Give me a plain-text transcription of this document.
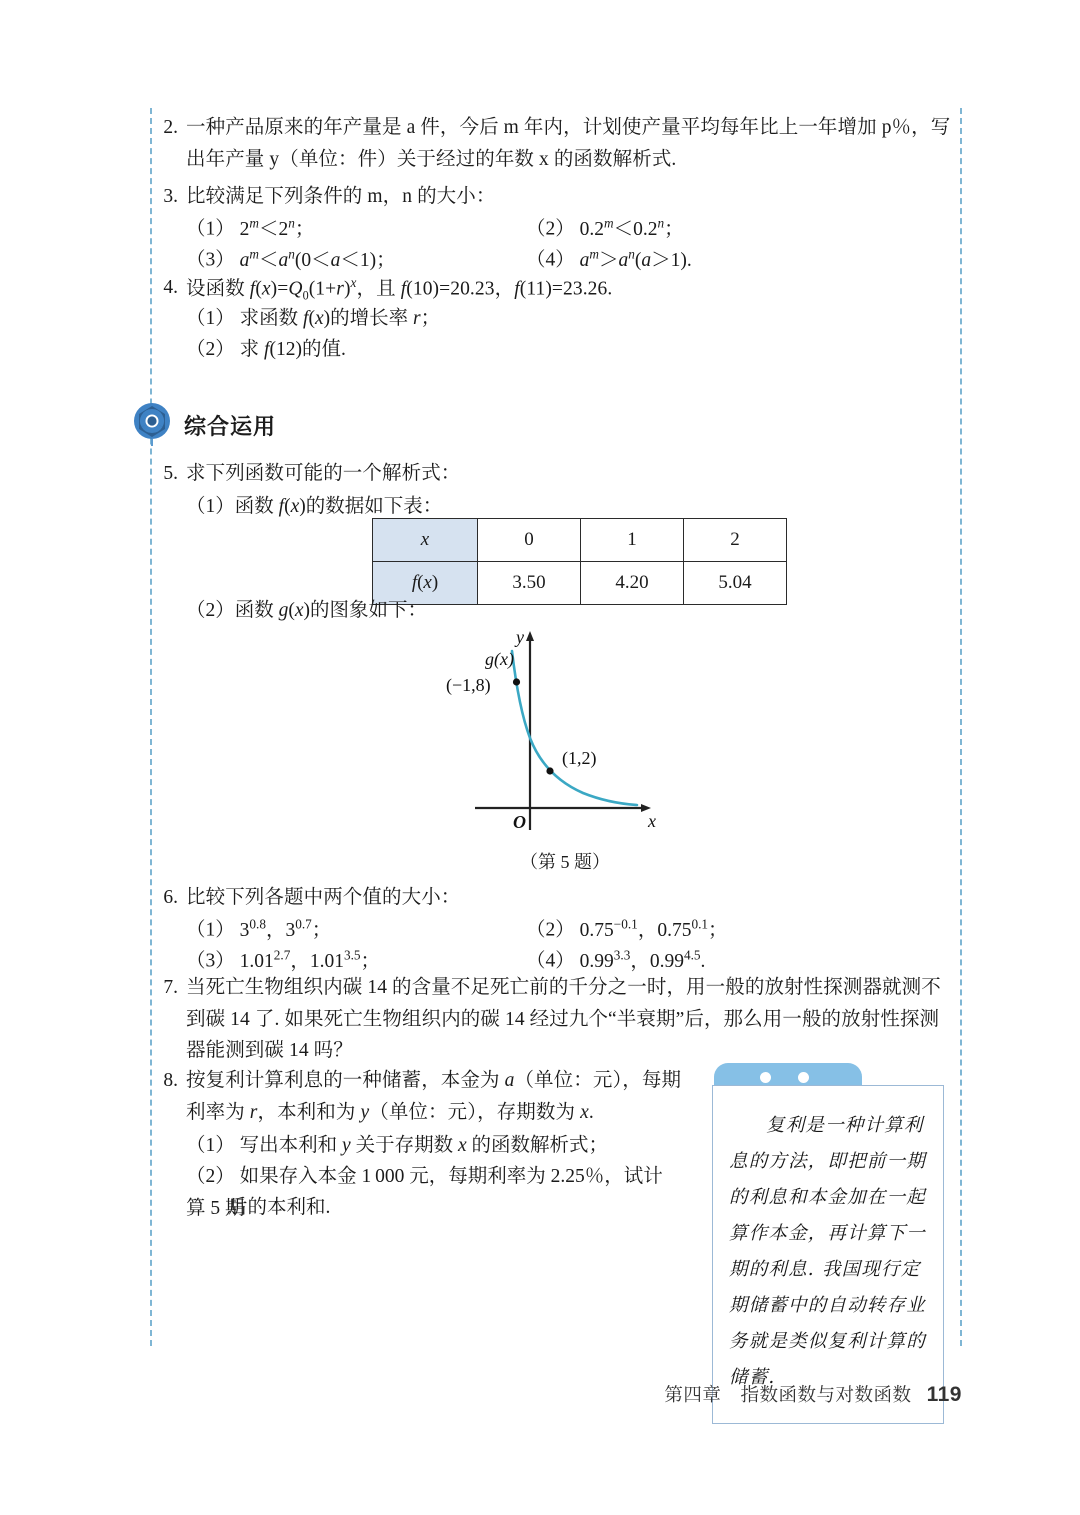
2. 一种产品原来的年产量是 a 件，今后 m 年内，计划使产量平均每年比上一年增加 p％，写出年产量 y（单位：件）关于经过的年数 x 的函数解析式.
3. 比较满足下列条件的 m，n 的大小：
（1） $2^m<2^n$；	（2） $0.2^m<0.2^n$；
（3） $a^m<a^n(0<a<1)$；	（4） $a^m>a^n(a>1)$.
4. 设函数 $f(x)=Q_0(1+r)^x$，且 f(10)=20.23，f(11)=23.26.
（1） 求函数 f(x)的增长率 r；
（2） 求 f(12)的值.
综合运用
5. 求下列函数可能的一个解析式：
（1）函数 f(x)的数据如下表：
x	0	1	2
f(x)	3.50	4.20	5.04
（2）函数 g(x)的图象如下：
g(x)
(−1,8)
(1,2)
O	x
y
（第 5 题）
6. 比较下列各题中两个值的大小：
（1） $3^{0.8}$，$3^{0.7}$；	（2） $0.75^{-0.1}$，$0.75^{0.1}$；
（3） $1.01^{2.7}$，$1.01^{3.5}$；	（4） $0.99^{3.3}$，$0.99^{4.5}$.
7. 当死亡生物组织内碳 14 的含量不足死亡前的千分之一时，用一般的放射性探测器就测不到碳 14 了. 如果死亡生物组织内的碳 14 经过九个“半衰期”后，那么用一般的放射性探测器能测到碳 14 吗？
8. 按复利计算利息的一种储蓄，本金为 a（单位：元），每期利率为 r，本利和为 y（单位：元），存期数为 x.
（1） 写出本利和 y 关于存期数 x 的函数解析式；
（2） 如果存入本金 1 000 元，每期利率为 2.25％，试计算 5 期
后的本利和.
复利是一种计算利息的方法，即把前一期的利息和本金加在一起算作本金，再计算下一期的利息. 我国现行定期储蓄中的自动转存业务就是类似复利计算的储蓄.
第四章 指数函数与对数函数 119
